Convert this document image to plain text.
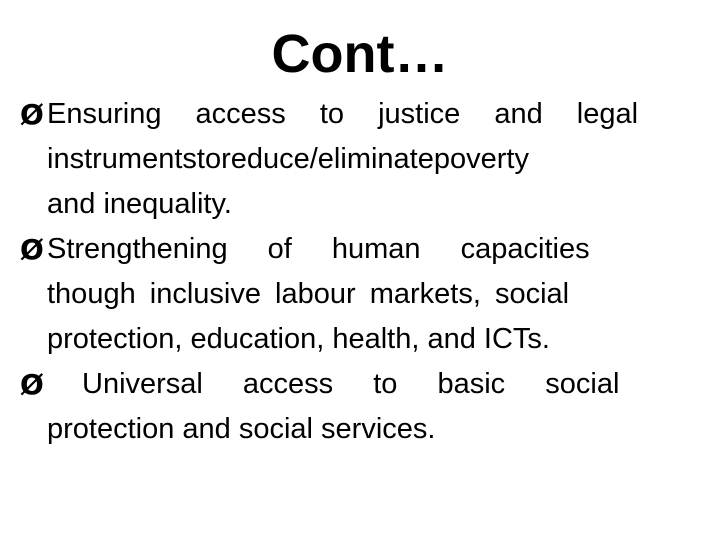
Cont…
Ø Ensuring access to justice and legal
instrumentstoreduce/eliminatepoverty
and inequality.
Ø Strengthening of human capacities
though inclusive labour markets, social
protection, education, health, and ICTs.
Ø	Universal access to basic social
protection and social services.
